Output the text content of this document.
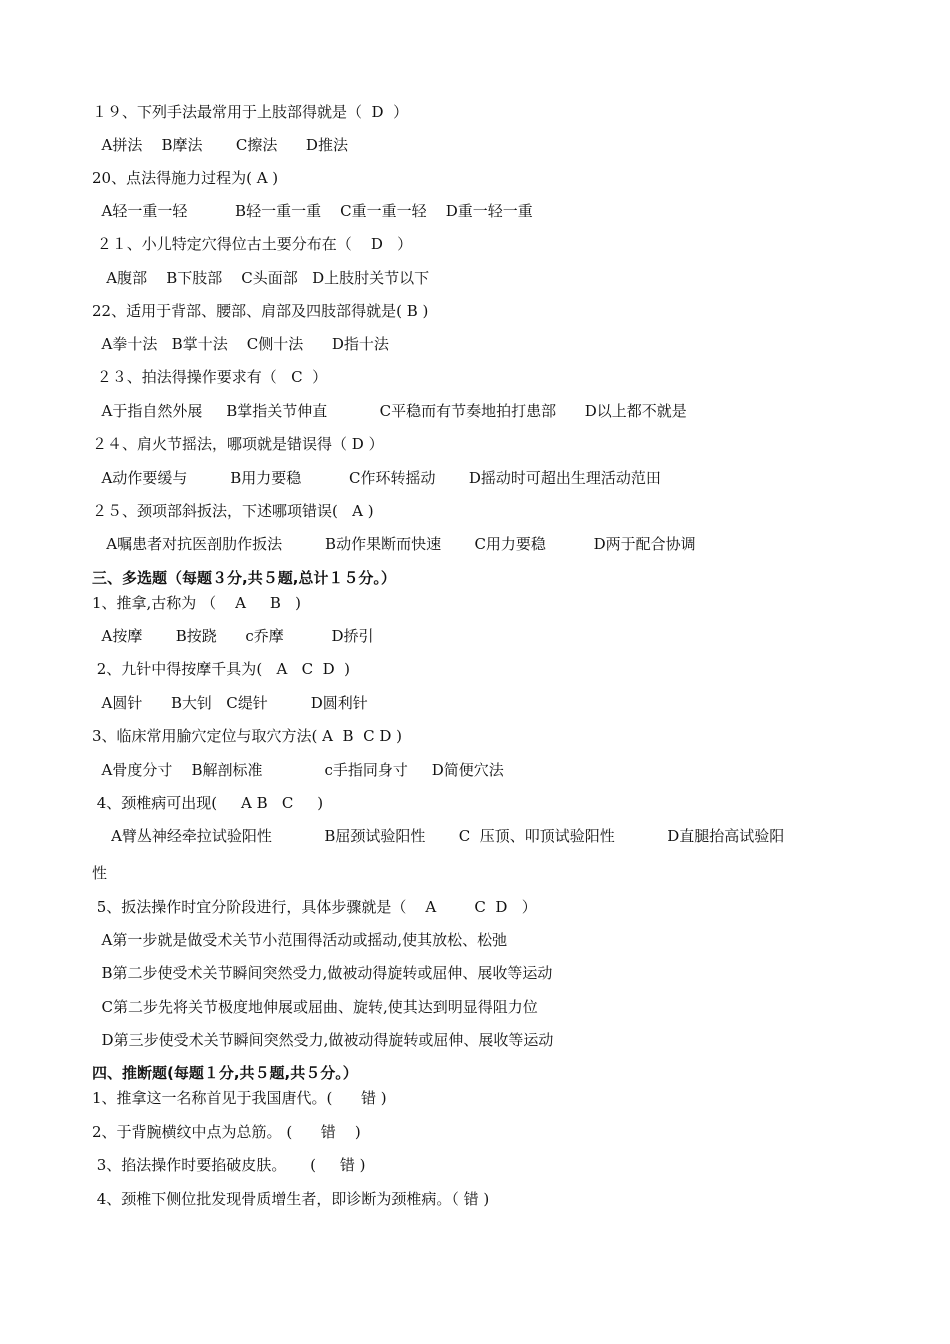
１９、下列手法最常用于上肢部得就是（  D  ）
A拼法    B摩法       C擦法      D推法
20、点法得施力过程为( A )
A轻一重一轻          B轻一重一重    C重一重一轻    D重一轻一重
２１、小儿特定穴得位古土要分布在（    D   ）
A腹部    B下肢部    C头面部   D上肢肘关节以下
22、适用于背部、腰部、肩部及四肢部得就是( B )
A拳十法   B掌十法    C侧十法      D指十法
２３、拍法得操作要求有（   C  ）
A于指自然外展     B掌指关节伸直           C平稳而有节奏地拍打患部      D以上都不就是
２４、肩火节摇法，哪项就是错误得（ D ）
A动作要缓与         B用力要稳          C作环转摇动       D摇动时可超出生理活动范田
２５、颈项部斜扳法，下述哪项错误(   A )
A嘱患者对抗医剖肋作扳法         B动作果断而快速       C用力要稳          D两于配合协调
三、多选题（每题３分,共５题,总计１５分。）
1、推拿,古称为 （    A     B   )
A按摩       B按跷      c乔摩          D挢引
2、九针中得按摩千具为(   A   C  D  )
A圆针      B大钊   C缇针         D圆利针
3、临床常用腧穴定位与取穴方法( A  B  C D )
A骨度分寸    B解剖标准             c手指同身寸     D简便穴法
4、颈椎病可出现(     A B   C     )
A臂丛神经牵拉试验阳性           B屈颈试验阳性       C  压顶、叩顶试验阳性           D直腿抬高试验阳
性
5、扳法操作时宜分阶段进行，具体步骤就是（    A        C  D   ）
A第一步就是做受术关节小范围得活动或摇动,使其放松、松弛
B第二步使受术关节瞬间突然受力,做被动得旋转或屈伸、展收等运动
C第二步先将关节极度地伸展或屈曲、旋转,使其达到明显得阻力位
D第三步使受术关节瞬间突然受力,做被动得旋转或屈伸、展收等运动
四、推断题(每题１分,共５题,共５分。）
1、推拿这一名称首见于我国唐代。(      错 )
2、于背腕横纹中点为总筋。 (      错    )
3、掐法操作时要掐破皮肤。     (     错 )
4、颈椎下侧位批发现骨质增生者，即诊断为颈椎病。（ 错 )
